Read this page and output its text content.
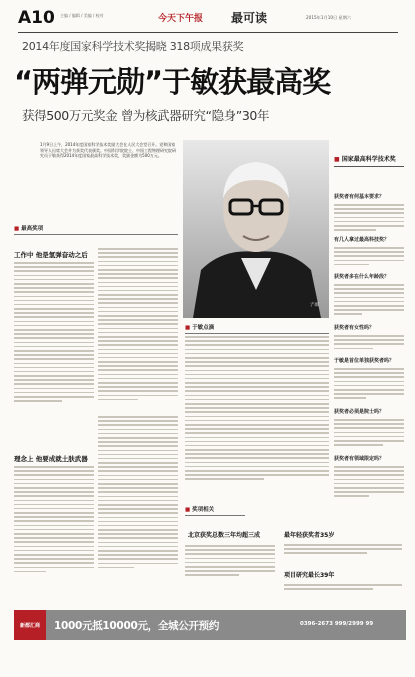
A10 主编 / 编辑 / 美编 / 校对	今天下午报 最可读	2015年1月10日 星期六
2014年度国家科学技术奖揭晓 318项成果获奖
“两弹元勋”于敏获最高奖
获得500万元奖金 曾为核武器研究“隐身”30年
1月9日上午，2014年度国家科学技术奖励大会在人民大会堂召开。党和国家领导人出席大会并为获奖代表颁奖。中国科学院院士、中国工程物理研究院研究员于敏获得2014年度国家最高科学技术奖，奖励金额为500万元。
于敏
■ 国家最高科学技术奖
获奖者有何基本要求？
有几人拿过最高科技奖？
获奖者多在什么年龄段？
获奖者有女性吗？
于敏是首位单独获奖者吗？
获奖者必须是院士吗？
获奖者有领域限定吗？
■ 最高奖项
工作中 他是氢弹奋动之后
理念上 他要成就土肤武器
■ 于敏点滴
■ 奖项相关
北京获奖总数三年均超三成	最年轻获奖者35岁
项目研究最长39年
新都汇商 1000元抵10000元，全城公开预约	0396-2673 999/2999 99
